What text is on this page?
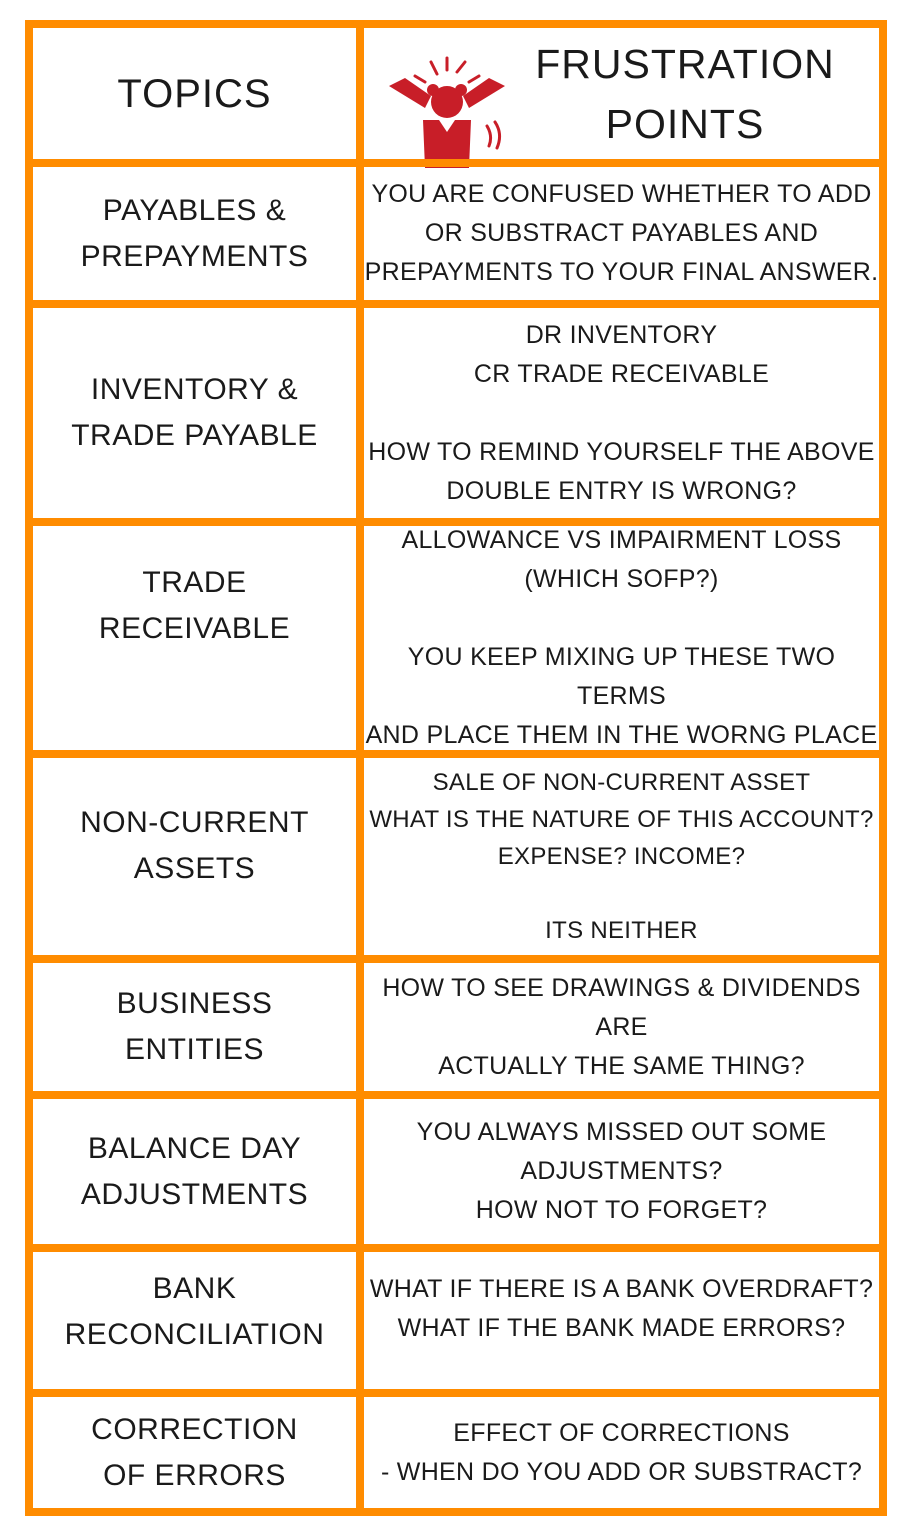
TOPICS
FRUSTRATION
POINTS
PAYABLES &
PREPAYMENTS
YOU ARE CONFUSED WHETHER TO ADD
OR SUBSTRACT PAYABLES AND
PREPAYMENTS TO YOUR FINAL ANSWER.
INVENTORY &
TRADE PAYABLE
DR INVENTORY
CR TRADE RECEIVABLE

HOW TO REMIND YOURSELF THE ABOVE
DOUBLE ENTRY IS WRONG?
TRADE
RECEIVABLE
ALLOWANCE VS IMPAIRMENT LOSS
(WHICH SOFP?)

YOU KEEP MIXING UP THESE TWO TERMS
AND PLACE THEM IN THE WORNG PLACE
NON-CURRENT
ASSETS
SALE OF NON-CURRENT ASSET
WHAT IS THE NATURE OF THIS ACCOUNT?
EXPENSE? INCOME?

ITS NEITHER
BUSINESS
ENTITIES
HOW TO SEE DRAWINGS & DIVIDENDS ARE
ACTUALLY THE SAME THING?
BALANCE DAY
ADJUSTMENTS
YOU ALWAYS MISSED OUT SOME
ADJUSTMENTS?
HOW NOT TO FORGET?
BANK
RECONCILIATION
WHAT IF THERE IS A BANK OVERDRAFT?
WHAT IF THE BANK MADE ERRORS?
CORRECTION
OF ERRORS
EFFECT OF CORRECTIONS
- WHEN DO YOU ADD OR SUBSTRACT?
